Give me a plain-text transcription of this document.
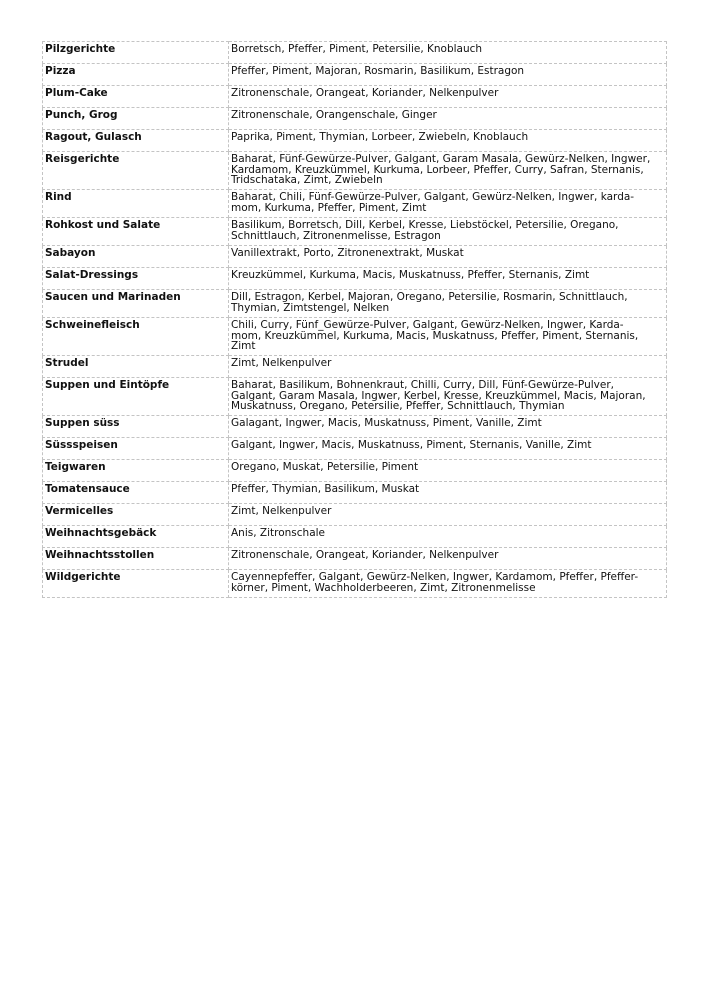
Pilzgerichte	Borretsch, Pfeffer, Piment, Petersilie, Knoblauch

Pizza	Pfeffer, Piment, Majoran, Rosmarin, Basilikum, Estragon

Plum-Cake	Zitronenschale, Orangeat, Koriander, Nelkenpulver

Punch, Grog	Zitronenschale, Orangenschale, Ginger

Ragout, Gulasch	Paprika, Piment, Thymian, Lorbeer, Zwiebeln, Knoblauch

Reisgerichte	Baharat, Fünf-Gewürze-Pulver, Galgant, Garam Masala, Gewürz-Nelken, Ingwer,
Kardamom, Kreuzkümmel, Kurkuma, Lorbeer, Pfeffer, Curry, Safran, Sternanis,
Tridschataka, Zimt, Zwiebeln

Rind	Baharat, Chili, Fünf-Gewürze-Pulver, Galgant, Gewürz-Nelken, Ingwer, karda-
mom, Kurkuma, Pfeffer, Piment, Zimt

Rohkost und Salate	Basilikum, Borretsch, Dill, Kerbel, Kresse, Liebstöckel, Petersilie, Oregano,
Schnittlauch, Zitronenmelisse, Estragon

Sabayon	Vanillextrakt, Porto, Zitronenextrakt, Muskat

Salat-Dressings	Kreuzkümmel, Kurkuma, Macis, Muskatnuss, Pfeffer, Sternanis, Zimt

Saucen und Marinaden	Dill, Estragon, Kerbel, Majoran, Oregano, Petersilie, Rosmarin, Schnittlauch,
Thymian, Zimtstengel, Nelken

Schweinefleisch	Chili, Curry, Fünf_Gewürze-Pulver, Galgant, Gewürz-Nelken, Ingwer, Karda-
mom, Kreuzkümmel, Kurkuma, Macis, Muskatnuss, Pfeffer, Piment, Sternanis,
Zimt

Strudel	Zimt, Nelkenpulver

Suppen und Eintöpfe	Baharat, Basilikum, Bohnenkraut, Chilli, Curry, Dill, Fünf-Gewürze-Pulver,
Galgant, Garam Masala, Ingwer, Kerbel, Kresse, Kreuzkümmel, Macis, Majoran,
Muskatnuss, Oregano, Petersilie, Pfeffer, Schnittlauch, Thymian

Suppen süss	Galagant, Ingwer, Macis, Muskatnuss, Piment, Vanille, Zimt

Süssspeisen	Galgant, Ingwer, Macis, Muskatnuss, Piment, Sternanis, Vanille, Zimt

Teigwaren	Oregano, Muskat, Petersilie, Piment

Tomatensauce	Pfeffer, Thymian, Basilikum, Muskat

Vermicelles	Zimt, Nelkenpulver

Weihnachtsgebäck	Anis, Zitronschale

Weihnachtsstollen	Zitronenschale, Orangeat, Koriander, Nelkenpulver

Wildgerichte	Cayennepfeffer, Galgant, Gewürz-Nelken, Ingwer, Kardamom, Pfeffer, Pfeffer-
körner, Piment, Wachholderbeeren, Zimt, Zitronenmelisse
